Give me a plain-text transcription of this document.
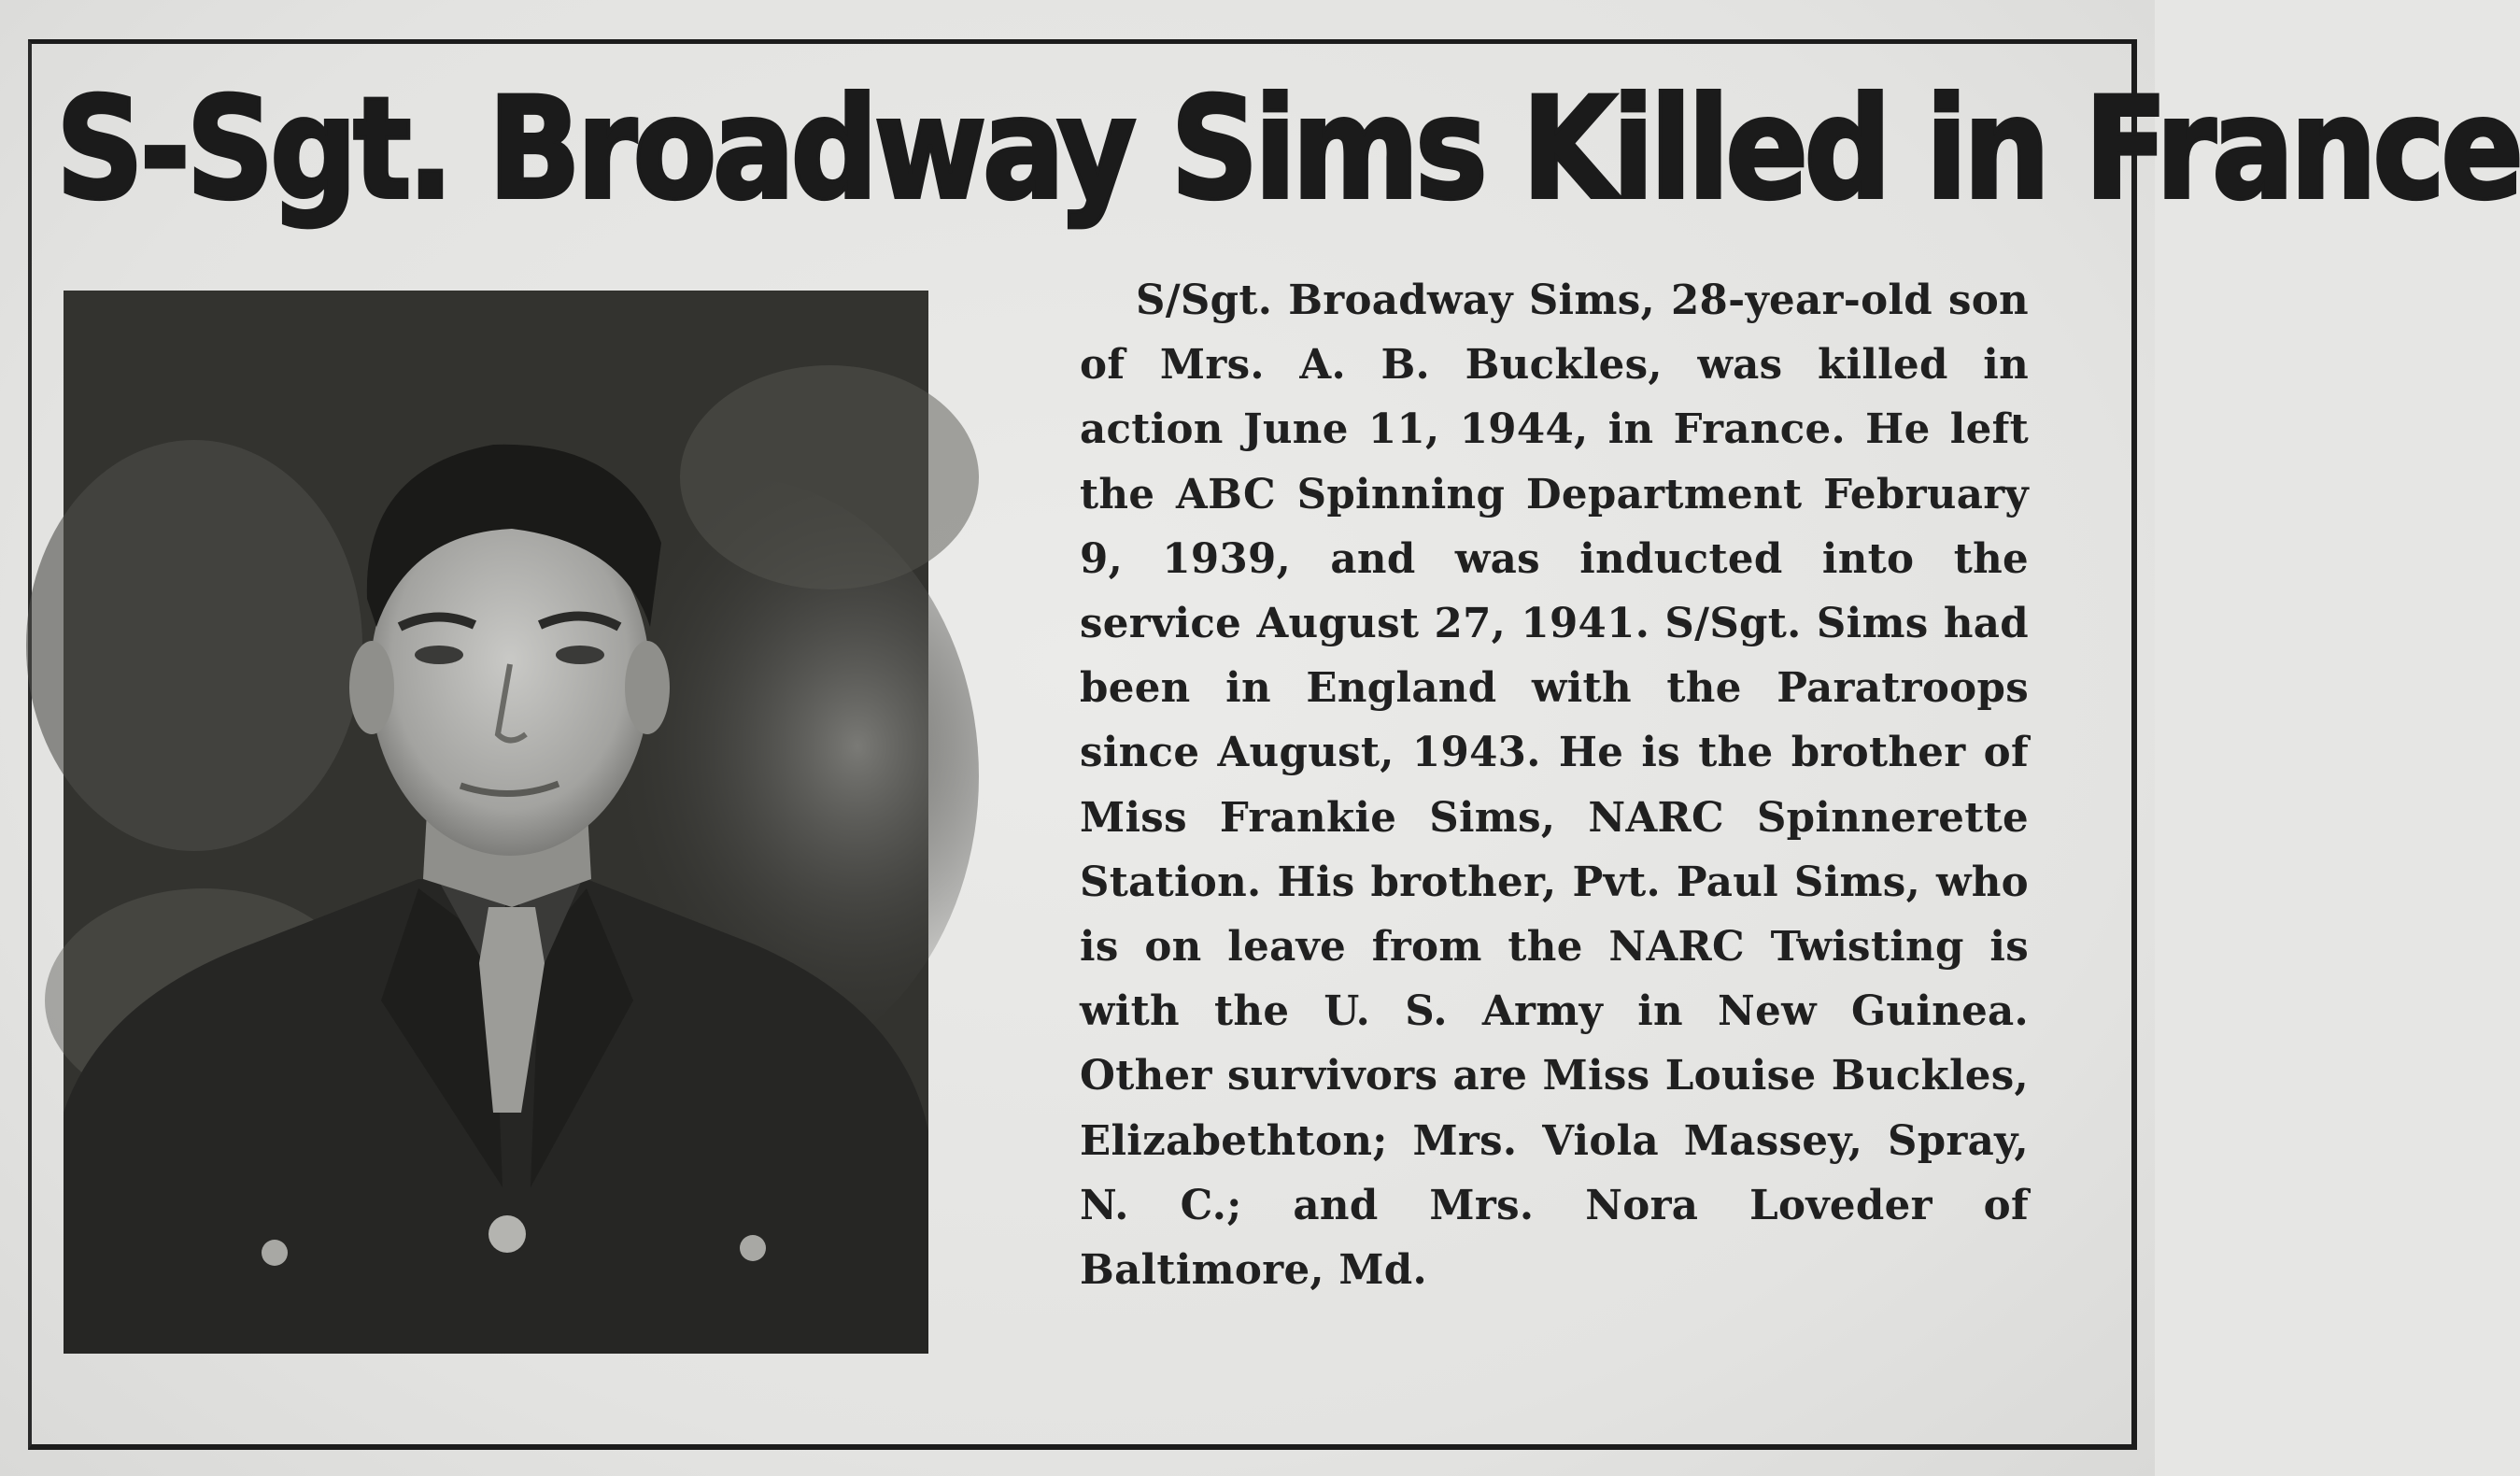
S-Sgt. Broadway Sims Killed in France

S/Sgt. Broadway Sims, 28-year-old son of Mrs. A. B. Buckles, was killed in action June 11, 1944, in France. He left the ABC Spinning Department February 9, 1939, and was inducted into the service August 27, 1941. S/Sgt. Sims had been in England with the Paratroops since August, 1943. He is the brother of Miss Frankie Sims, NARC Spinnerette Station. His brother, Pvt. Paul Sims, who is on leave from the NARC Twisting is with the U. S. Army in New Guinea. Other survivors are Miss Louise Buckles, Elizabethton; Mrs. Viola Massey, Spray, N. C.; and Mrs. Nora Loveder of Baltimore, Md.
